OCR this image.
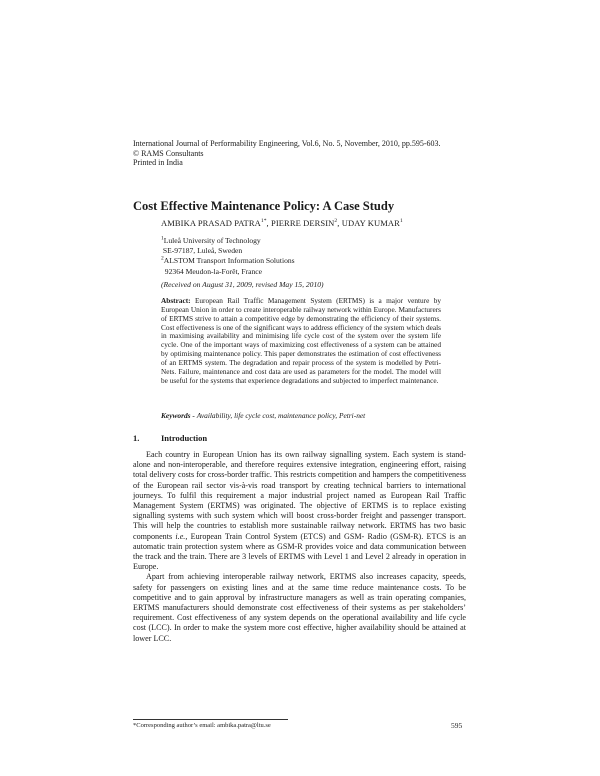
International Journal of Performability Engineering, Vol.6, No. 5, November, 2010, pp.595-603.
© RAMS Consultants
Printed in India
Cost Effective Maintenance Policy: A Case Study
AMBIKA PRASAD $PATRA^{1*}$, PIERRE DERSIN$^2$, UDAY KUMAR$^1$
$^1$Luleå University of Technology
SE-97187, Luleå, Sweden
$^2$ALSTOM Transport Information Solutions
92364 Meudon-la-Forêt, France
(Received on August 31, 2009, revised May 15, 2010)
Abstract: European Rail Traffic Management System (ERTMS) is a major venture by European Union in order to create interoperable railway network within Europe. Manufacturers of ERTMS strive to attain a competitive edge by demonstrating the efficiency of their systems. Cost effectiveness is one of the significant ways to address efficiency of the system which deals in maximising availability and minimising life cycle cost of the system over the system life cycle. One of the important ways of maximizing cost effectiveness of a system can be attained by optimising maintenance policy. This paper demonstrates the estimation of cost effectiveness of an ERTMS system. The degradation and repair process of the system is modelled by Petri-Nets. Failure, maintenance and cost data are used as parameters for the model. The model will be useful for the systems that experience degradations and subjected to imperfect maintenance.
Keywords - Availability, life cycle cost, maintenance policy, Petri-net
1.	Introduction

Each country in European Union has its own railway signalling system. Each system is stand-alone and non-interoperable, and therefore requires extensive integration, engineering effort, raising total delivery costs for cross-border traffic. This restricts competition and hampers the competitiveness of the European rail sector vis-à-vis road transport by creating technical barriers to international journeys. To fulfil this requirement a major industrial project named as European Rail Traffic Management System (ERTMS) was originated. The objective of ERTMS is to replace existing signalling systems with such system which will boost cross-border freight and passenger transport. This will help the countries to establish more sustainable railway network. ERTMS has two basic components i.e., European Train Control System (ETCS) and GSM- Radio (GSM-R). ETCS is an automatic train protection system where as GSM-R provides voice and data communication between the track and the train. There are 3 levels of ERTMS with Level 1 and Level 2 already in operation in Europe.

Apart from achieving interoperable railway network, ERTMS also increases capacity, speeds, safety for passengers on existing lines and at the same time reduce maintenance costs. To be competitive and to gain approval by infrastructure managers as well as train operating companies, ERTMS manufacturers should demonstrate cost effectiveness of their systems as per stakeholders’ requirement. Cost effectiveness of any system depends on the operational availability and life cycle cost (LCC). In order to make the system more cost effective, higher availability should be attained at lower LCC.

*Corresponding author’s email: ambika.patra@ltu.se	595
